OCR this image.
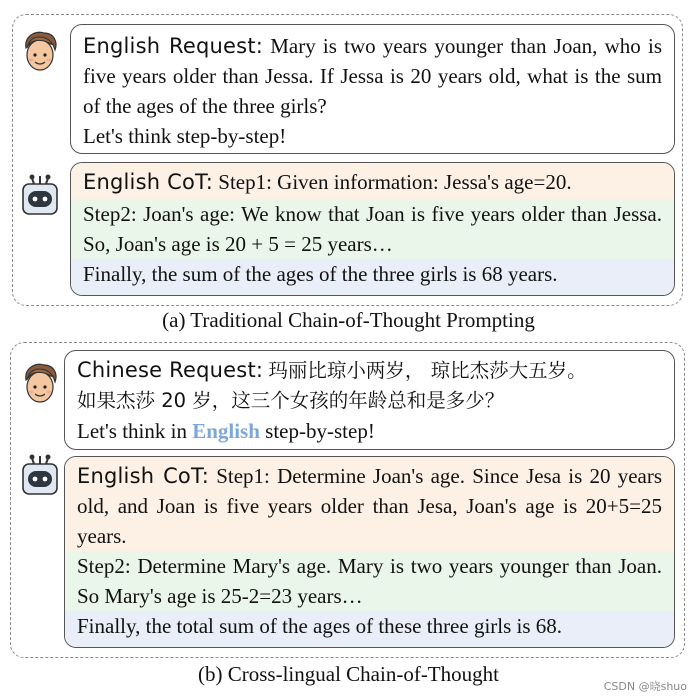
English Request: Mary is two years younger than Joan, who is five years older than Jessa. If Jessa is 20 years old, what is the sum of the ages of the three girls?
Let's think step-by-step!
English CoT: Step1: Given information: Jessa's age=20.
Step2: Joan's age: We know that Joan is five years older than Jessa. So, Joan's age is 20 + 5 = 25 years…
Finally, the sum of the ages of the three girls is 68 years.
(a) Traditional Chain-of-Thought Prompting
Chinese Request: 玛丽比琼小两岁， 琼比杰莎大五岁。
如果杰莎 20 岁，这三个女孩的年龄总和是多少？
Let's think in English step-by-step!
English CoT: Step1: Determine Joan's age. Since Jesa is 20 years old, and Joan is five years older than Jesa, Joan's age is 20+5=25 years.
Step2: Determine Mary's age. Mary is two years younger than Joan. So Mary's age is 25-2=23 years…
Finally, the total sum of the ages of these three girls is 68.
(b) Cross-lingual Chain-of-Thought
CSDN @晓shuo
